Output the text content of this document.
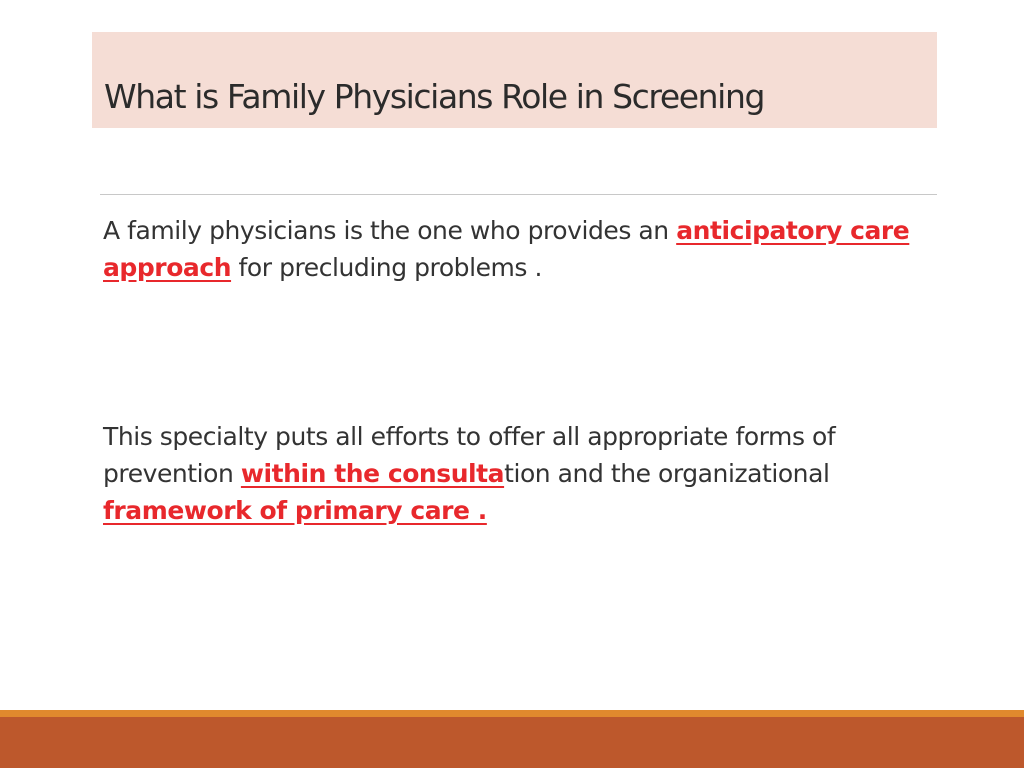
What is Family Physicians Role in Screening

A family physicians is the one who provides an anticipatory care approach for precluding problems .

This specialty puts all efforts to offer all appropriate forms of prevention within the consultation and the organizational framework of primary care .
